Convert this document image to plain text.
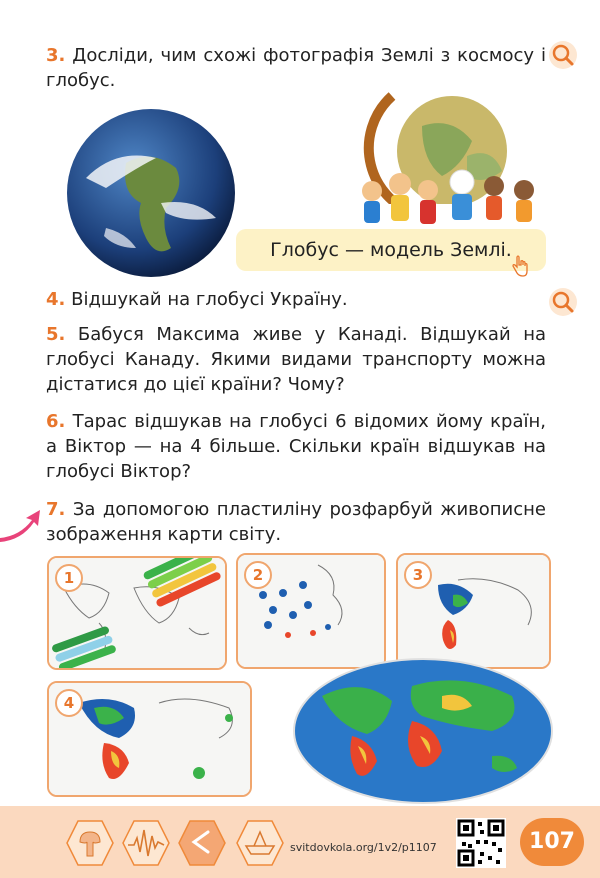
3. Досліди, чим схожі фотографія Землі з космосу і глобус.
Глобус — модель Землі.
4. Відшукай на глобусі Україну.
5. Бабуся Максима живе у Канаді. Відшукай на глобусі Канаду. Якими видами транспорту можна дістатися до цієї країни? Чому?
6. Тарас відшукав на глобусі 6 відомих йому країн, а Віктор — на 4 більше. Скільки країн відшукав на глобусі Віктор?
7. За допомогою пластиліну розфарбуй живописне зображення карти світу.
1	2	3
4
svitdovkola.org/1v2/p1107	107
